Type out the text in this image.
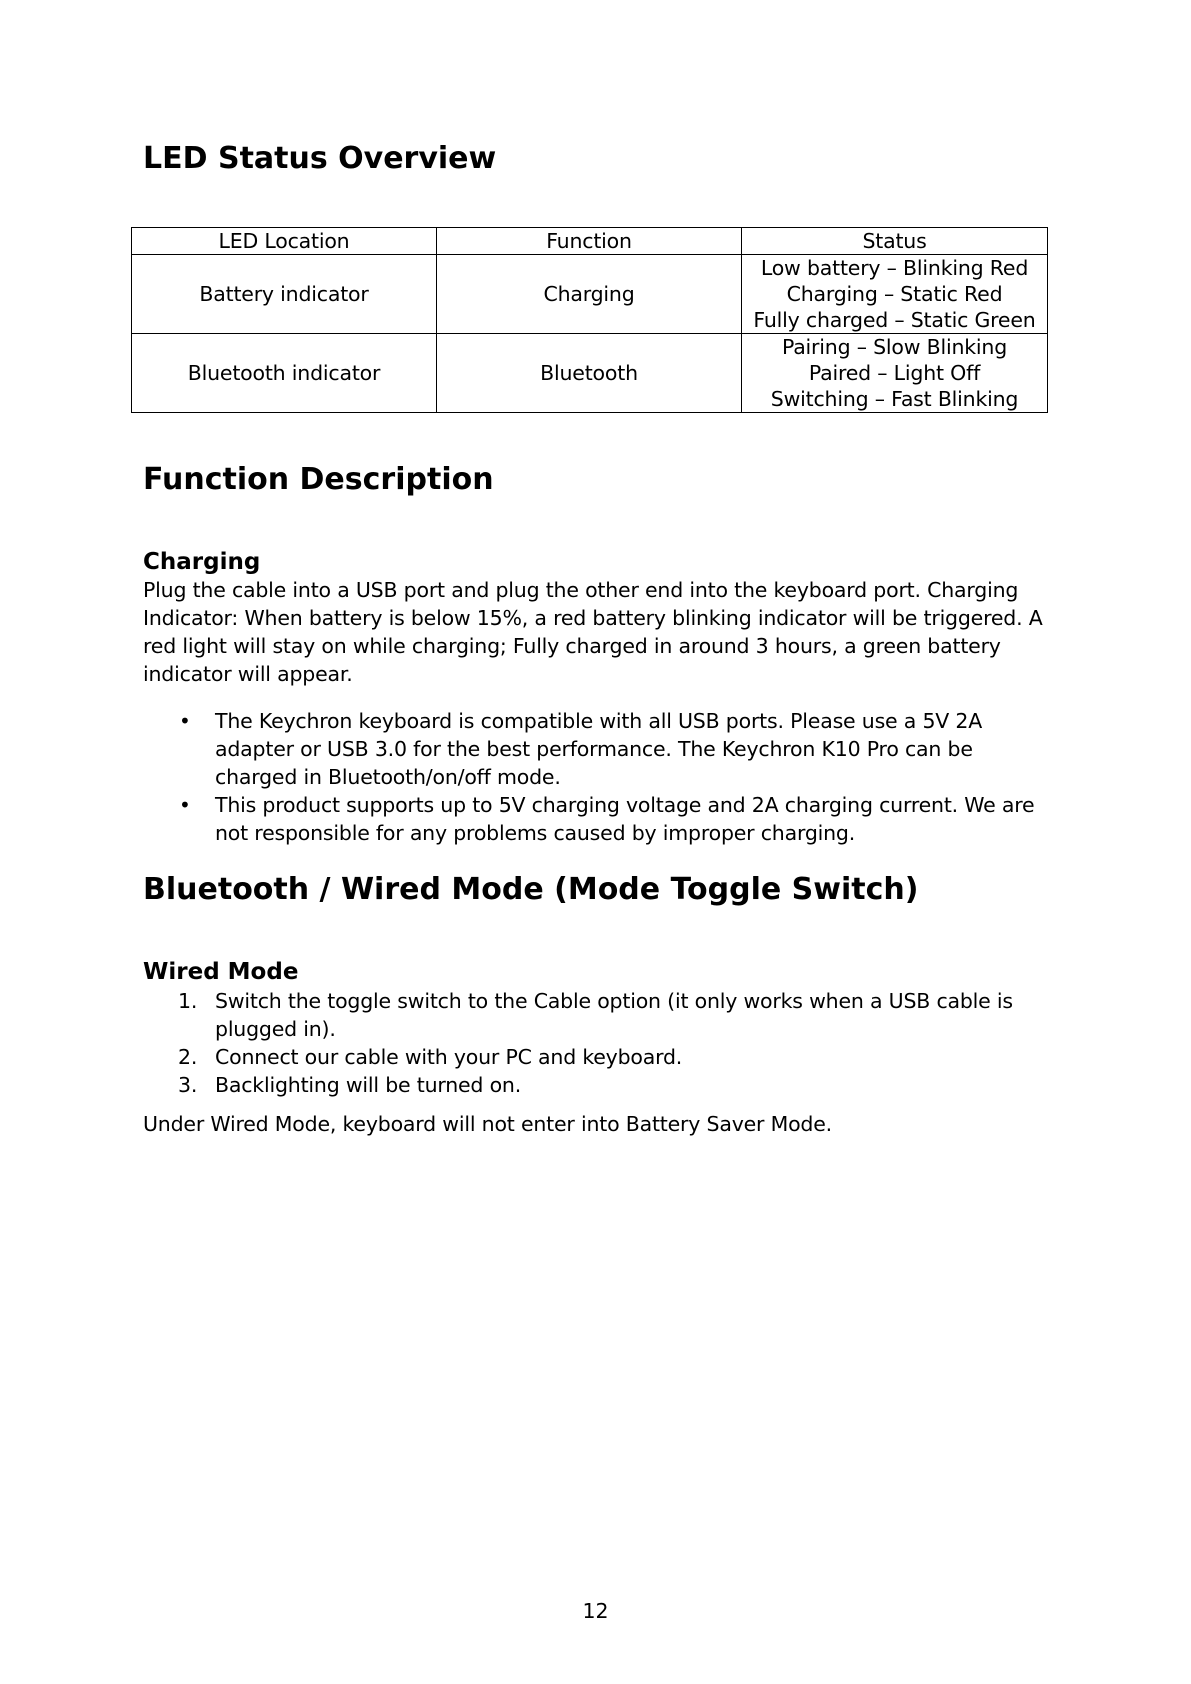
LED Status Overview
LED Location	Function	Status
Battery indicator	Charging	Low battery – Blinking Red
Charging – Static Red
Fully charged – Static Green

Bluetooth indicator	Bluetooth	Pairing – Slow Blinking
Paired – Light Off
Switching – Fast Blinking
Function Description
Charging

Plug the cable into a USB port and plug the other end into the keyboard port. Charging Indicator: When battery is below 15%, a red battery blinking indicator will be triggered. A red light will stay on while charging; Fully charged in around 3 hours, a green battery indicator will appear.

• The Keychron keyboard is compatible with all USB ports. Please use a 5V 2A adapter or USB 3.0 for the best performance. The Keychron K10 Pro can be charged in Bluetooth/on/off mode.
• This product supports up to 5V charging voltage and 2A charging current. We are not responsible for any problems caused by improper charging.
Bluetooth / Wired Mode (Mode Toggle Switch)
Wired Mode
1. Switch the toggle switch to the Cable option (it only works when a USB cable is plugged in).
2. Connect our cable with your PC and keyboard.
3. Backlighting will be turned on.

Under Wired Mode, keyboard will not enter into Battery Saver Mode.

12
